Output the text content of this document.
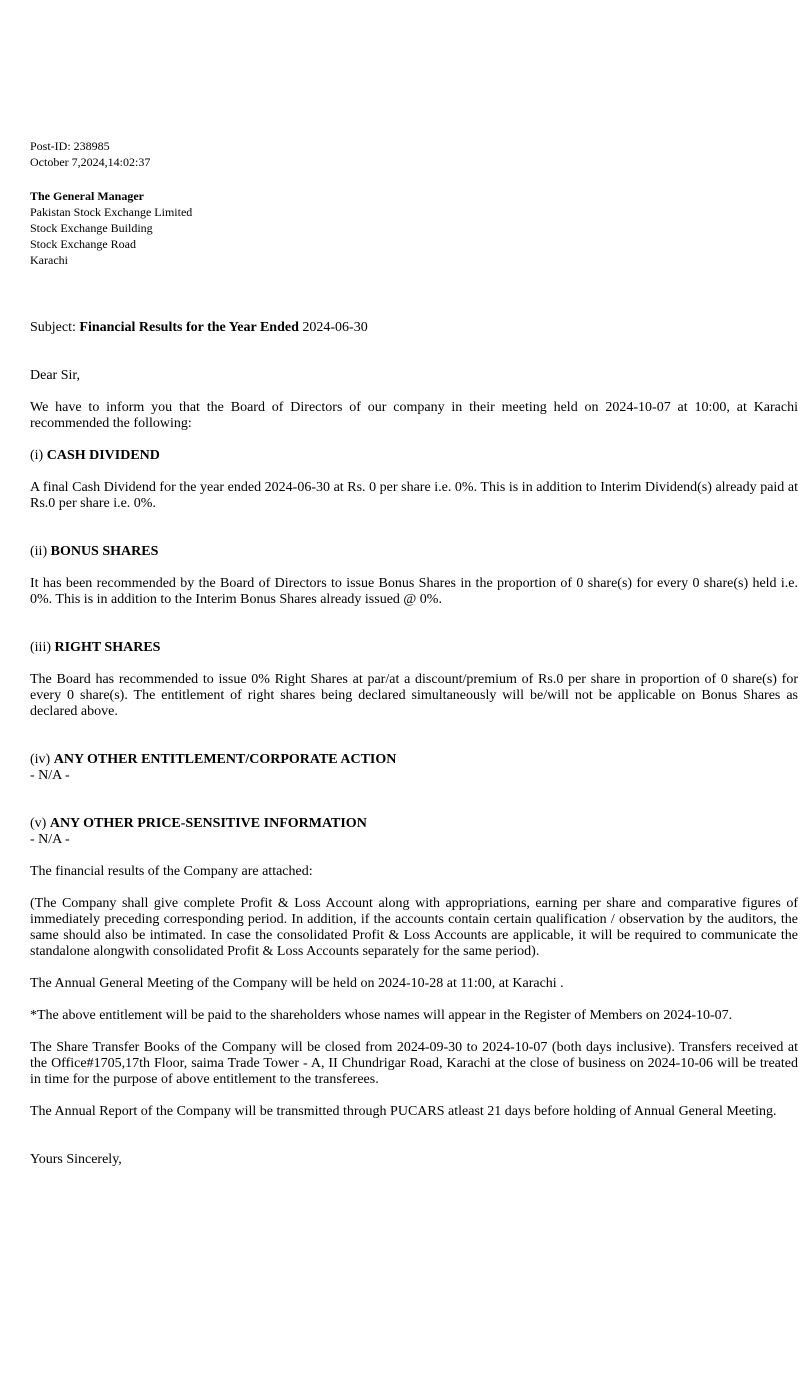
Post-ID: 238985
October 7,2024,14:02:37
The General Manager
Pakistan Stock Exchange Limited
Stock Exchange Building
Stock Exchange Road
Karachi
Subject: Financial Results for the Year Ended 2024-06-30
Dear Sir,
We have to inform you that the Board of Directors of our company in their meeting held on 2024-10-07 at 10:00, at Karachi recommended the following:
(i) CASH DIVIDEND
A final Cash Dividend for the year ended 2024-06-30 at Rs. 0 per share i.e. 0%. This is in addition to Interim Dividend(s) already paid at Rs.0 per share i.e. 0%.
(ii) BONUS SHARES
It has been recommended by the Board of Directors to issue Bonus Shares in the proportion of 0 share(s) for every 0 share(s) held i.e. 0%. This is in addition to the Interim Bonus Shares already issued @ 0%.
(iii) RIGHT SHARES
The Board has recommended to issue 0% Right Shares at par/at a discount/premium of Rs.0 per share in proportion of 0 share(s) for every 0 share(s). The entitlement of right shares being declared simultaneously will be/will not be applicable on Bonus Shares as declared above.
(iv) ANY OTHER ENTITLEMENT/CORPORATE ACTION
- N/A -
(v) ANY OTHER PRICE-SENSITIVE INFORMATION
- N/A -
The financial results of the Company are attached:
(The Company shall give complete Profit & Loss Account along with appropriations, earning per share and comparative figures of immediately preceding corresponding period. In addition, if the accounts contain certain qualification / observation by the auditors, the same should also be intimated. In case the consolidated Profit & Loss Accounts are applicable, it will be required to communicate the standalone alongwith consolidated Profit & Loss Accounts separately for the same period).
The Annual General Meeting of the Company will be held on 2024-10-28 at 11:00, at Karachi .
*The above entitlement will be paid to the shareholders whose names will appear in the Register of Members on 2024-10-07.
The Share Transfer Books of the Company will be closed from 2024-09-30 to 2024-10-07 (both days inclusive). Transfers received at the Office#1705,17th Floor, saima Trade Tower - A, II Chundrigar Road, Karachi at the close of business on 2024-10-06 will be treated in time for the purpose of above entitlement to the transferees.
The Annual Report of the Company will be transmitted through PUCARS atleast 21 days before holding of Annual General Meeting.
Yours Sincerely,
